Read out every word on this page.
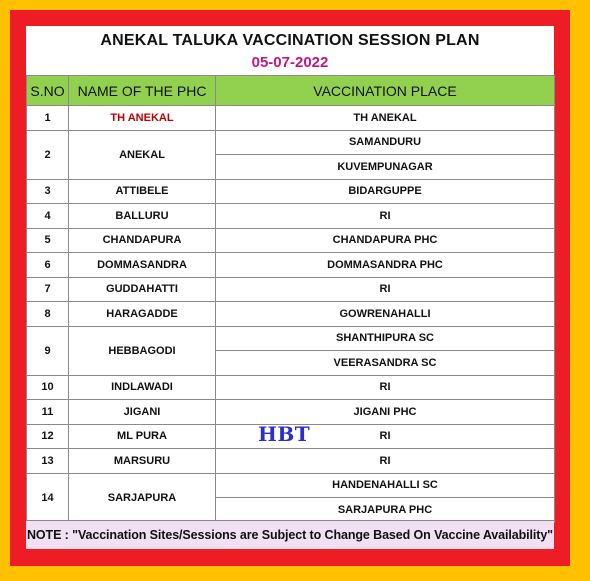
ANEKAL TALUKA VACCINATION SESSION PLAN
05-07-2022
S.NO	NAME OF THE PHC	VACCINATION PLACE
1	TH ANEKAL	TH ANEKAL
2	ANEKAL	SAMANDURU
		KUVEMPUNAGAR
3	ATTIBELE	BIDARGUPPE
4	BALLURU	RI
5	CHANDAPURA	CHANDAPURA PHC
6	DOMMASANDRA	DOMMASANDRA PHC
7	GUDDAHATTI	RI
8	HARAGADDE	GOWRENAHALLI
9	HEBBAGODI	SHANTHIPURA SC
		VEERASANDRA SC
10	INDLAWADI	RI
11	JIGANI	JIGANI PHC
12	ML PURA	RI
13	MARSURU	RI
14	SARJAPURA	HANDENAHALLI SC
		SARJAPURA PHC
HBT
NOTE : "Vaccination Sites/Sessions are Subject to Change Based On Vaccine Availability"
